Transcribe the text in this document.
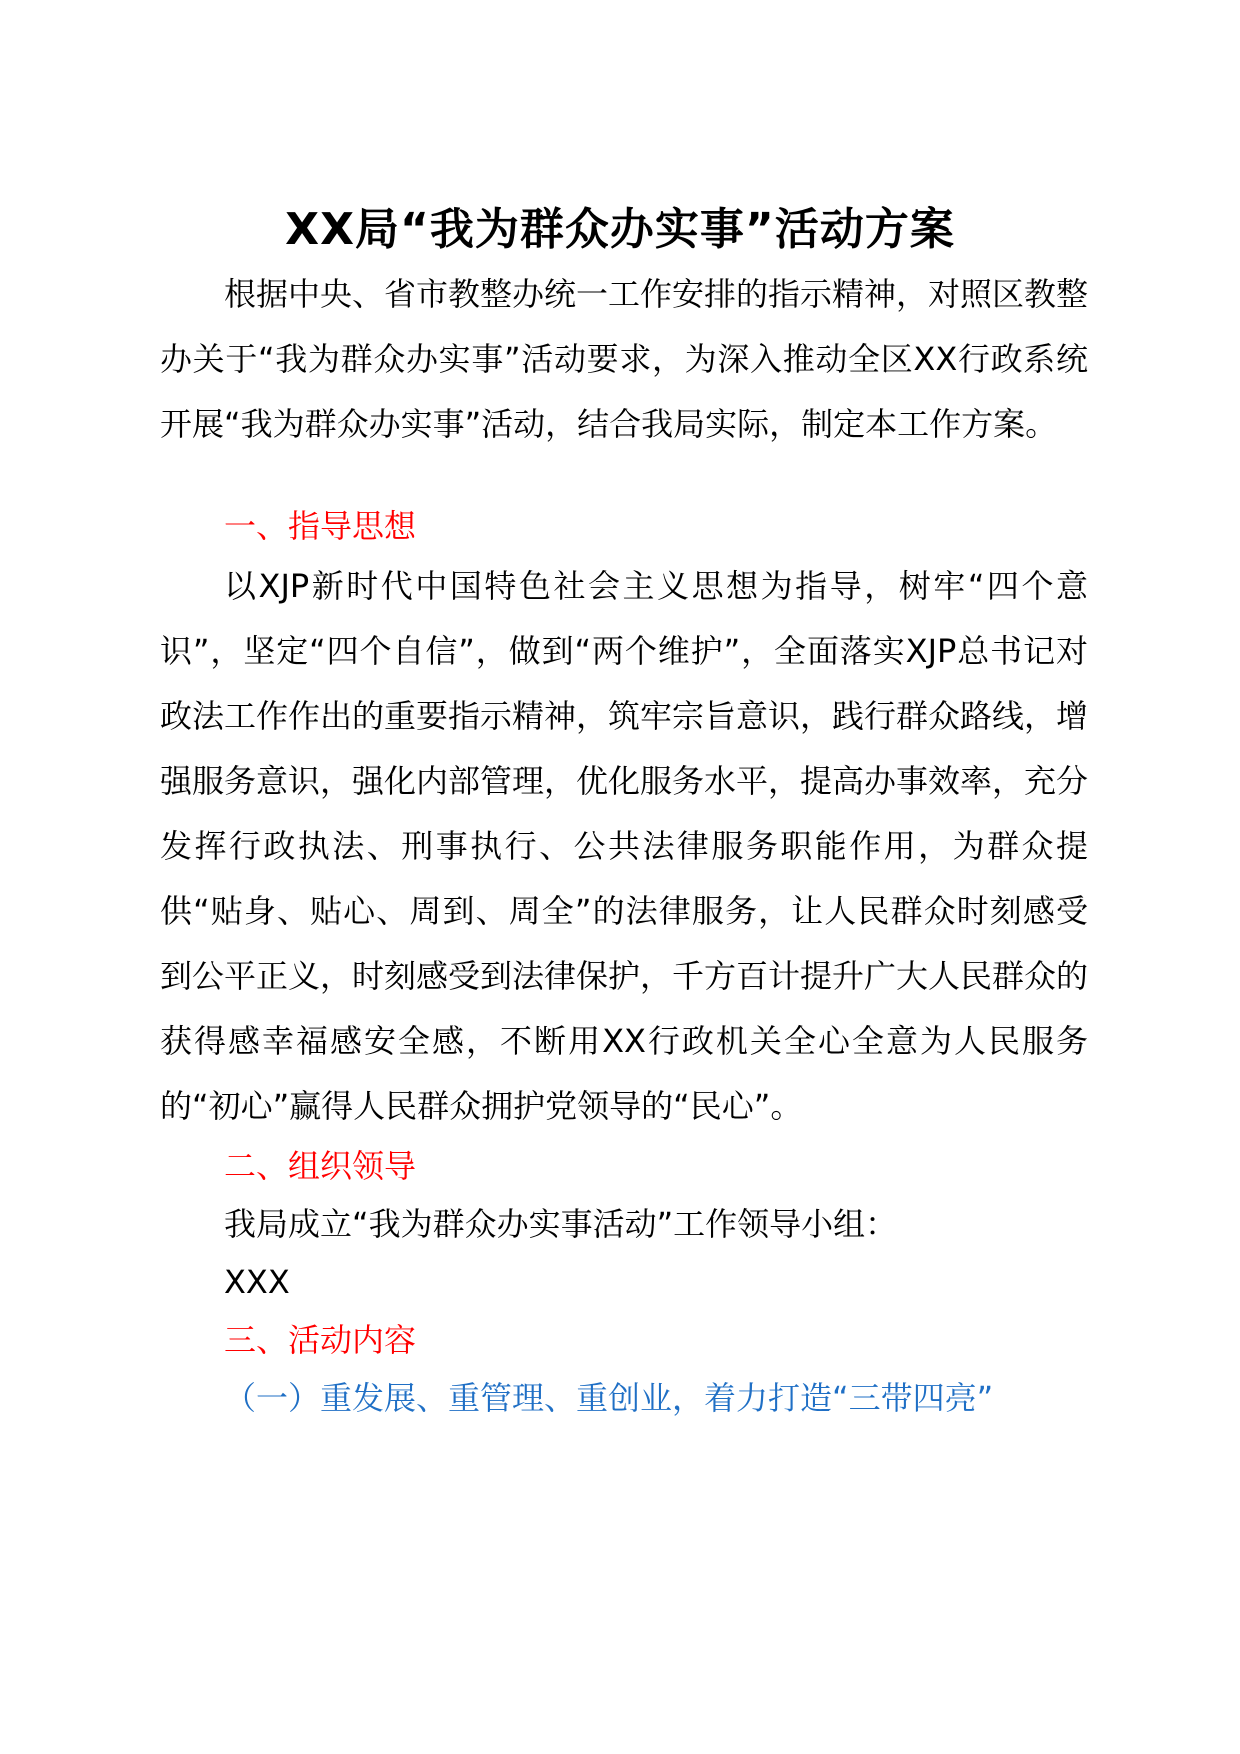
XX局“我为群众办实事”活动方案

根据中央、省市教整办统一工作安排的指示精神，对照区教整办关于“我为群众办实事”活动要求，为深入推动全区XX行政系统开展“我为群众办实事”活动，结合我局实际，制定本工作方案。

一、指导思想

以XJP新时代中国特色社会主义思想为指导，树牢“四个意识”，坚定“四个自信”，做到“两个维护”，全面落实XJP总书记对政法工作作出的重要指示精神，筑牢宗旨意识，践行群众路线，增强服务意识，强化内部管理，优化服务水平，提高办事效率，充分发挥行政执法、刑事执行、公共法律服务职能作用，为群众提供“贴身、贴心、周到、周全”的法律服务，让人民群众时刻感受到公平正义，时刻感受到法律保护，千方百计提升广大人民群众的获得感幸福感安全感，不断用XX行政机关全心全意为人民服务的“初心”赢得人民群众拥护党领导的“民心”。

二、组织领导

我局成立“我为群众办实事活动”工作领导小组：

XXX

三、活动内容

（一）重发展、重管理、重创业，着力打造“三带四亮”
